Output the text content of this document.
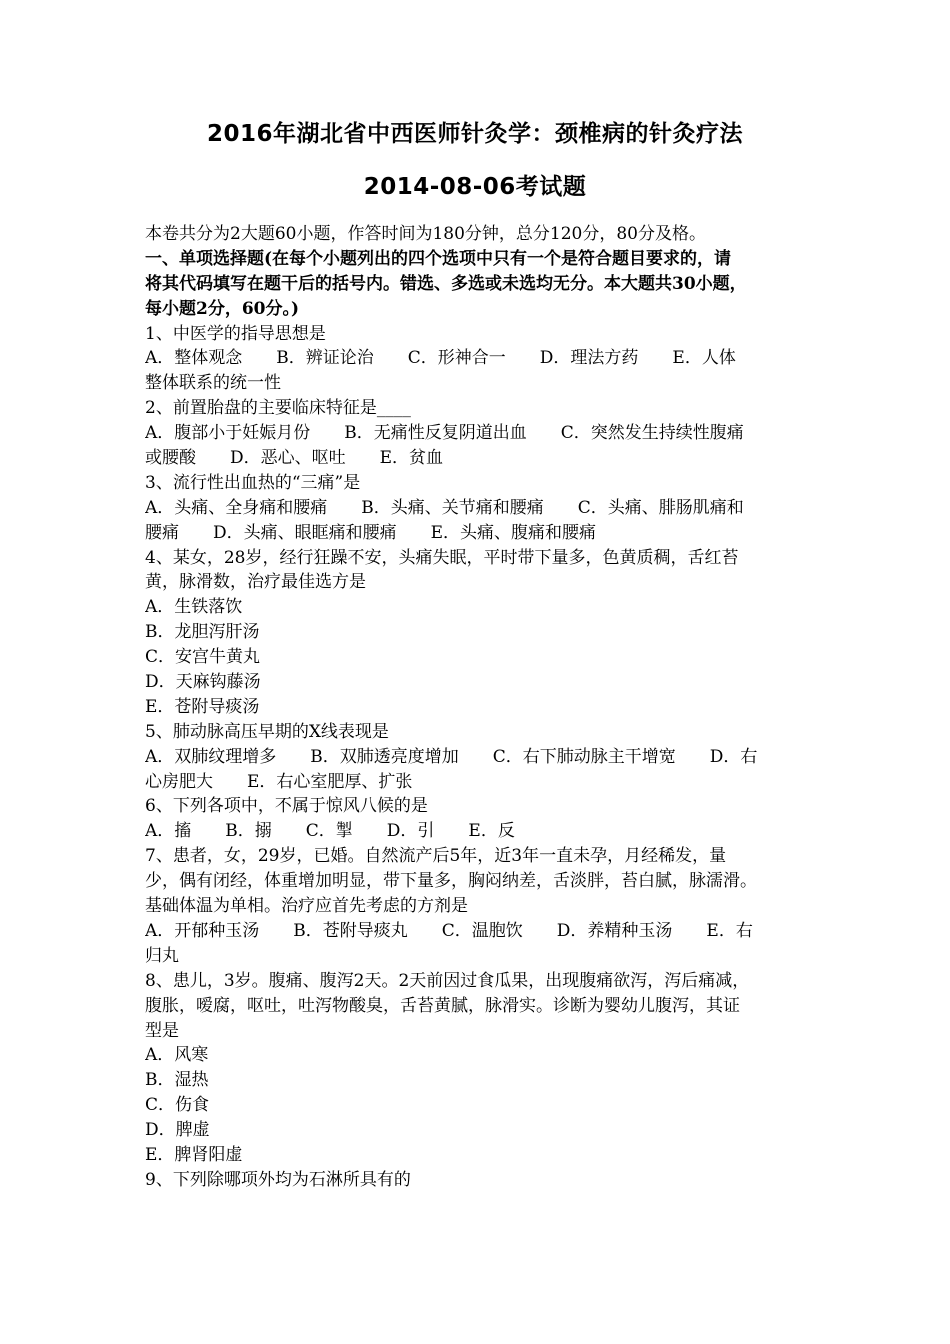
2016年湖北省中西医师针灸学：颈椎病的针灸疗法
2014-08-06考试题
本卷共分为2大题60小题，作答时间为180分钟，总分120分，80分及格。
一、单项选择题(在每个小题列出的四个选项中只有一个是符合题目要求的，请
将其代码填写在题干后的括号内。错选、多选或未选均无分。本大题共30小题，
每小题2分，60分。)
1、中医学的指导思想是
A．整体观念　　B．辨证论治　　C．形神合一　　D．理法方药　　E．人体
整体联系的统一性
2、前置胎盘的主要临床特征是____
A．腹部小于妊娠月份　　B．无痛性反复阴道出血　　C．突然发生持续性腹痛
或腰酸　　D．恶心、呕吐　　E．贫血
3、流行性出血热的“三痛”是
A．头痛、全身痛和腰痛　　B．头痛、关节痛和腰痛　　C．头痛、腓肠肌痛和
腰痛　　D．头痛、眼眶痛和腰痛　　E．头痛、腹痛和腰痛
4、某女，28岁，经行狂躁不安，头痛失眠，平时带下量多，色黄质稠，舌红苔
黄，脉滑数，治疗最佳选方是
A．生铁落饮
B．龙胆泻肝汤
C．安宫牛黄丸
D．天麻钩藤汤
E．苍附导痰汤
5、肺动脉高压早期的X线表现是
A．双肺纹理增多　　B．双肺透亮度增加　　C．右下肺动脉主干增宽　　D．右
心房肥大　　E．右心室肥厚、扩张
6、下列各项中，不属于惊风八候的是
A．搐　　B．搦　　C．掣　　D．引　　E．反
7、患者，女，29岁，已婚。自然流产后5年，近3年一直未孕，月经稀发，量
少，偶有闭经，体重增加明显，带下量多，胸闷纳差，舌淡胖，苔白腻，脉濡滑。
基础体温为单相。治疗应首先考虑的方剂是
A．开郁种玉汤　　B．苍附导痰丸　　C．温胞饮　　D．养精种玉汤　　E．右
归丸
8、患儿，3岁。腹痛、腹泻2天。2天前因过食瓜果，出现腹痛欲泻，泻后痛减，
腹胀，嗳腐，呕吐，吐泻物酸臭，舌苔黄腻，脉滑实。诊断为婴幼儿腹泻，其证
型是
A．风寒
B．湿热
C．伤食
D．脾虚
E．脾肾阳虚
9、下列除哪项外均为石淋所具有的
